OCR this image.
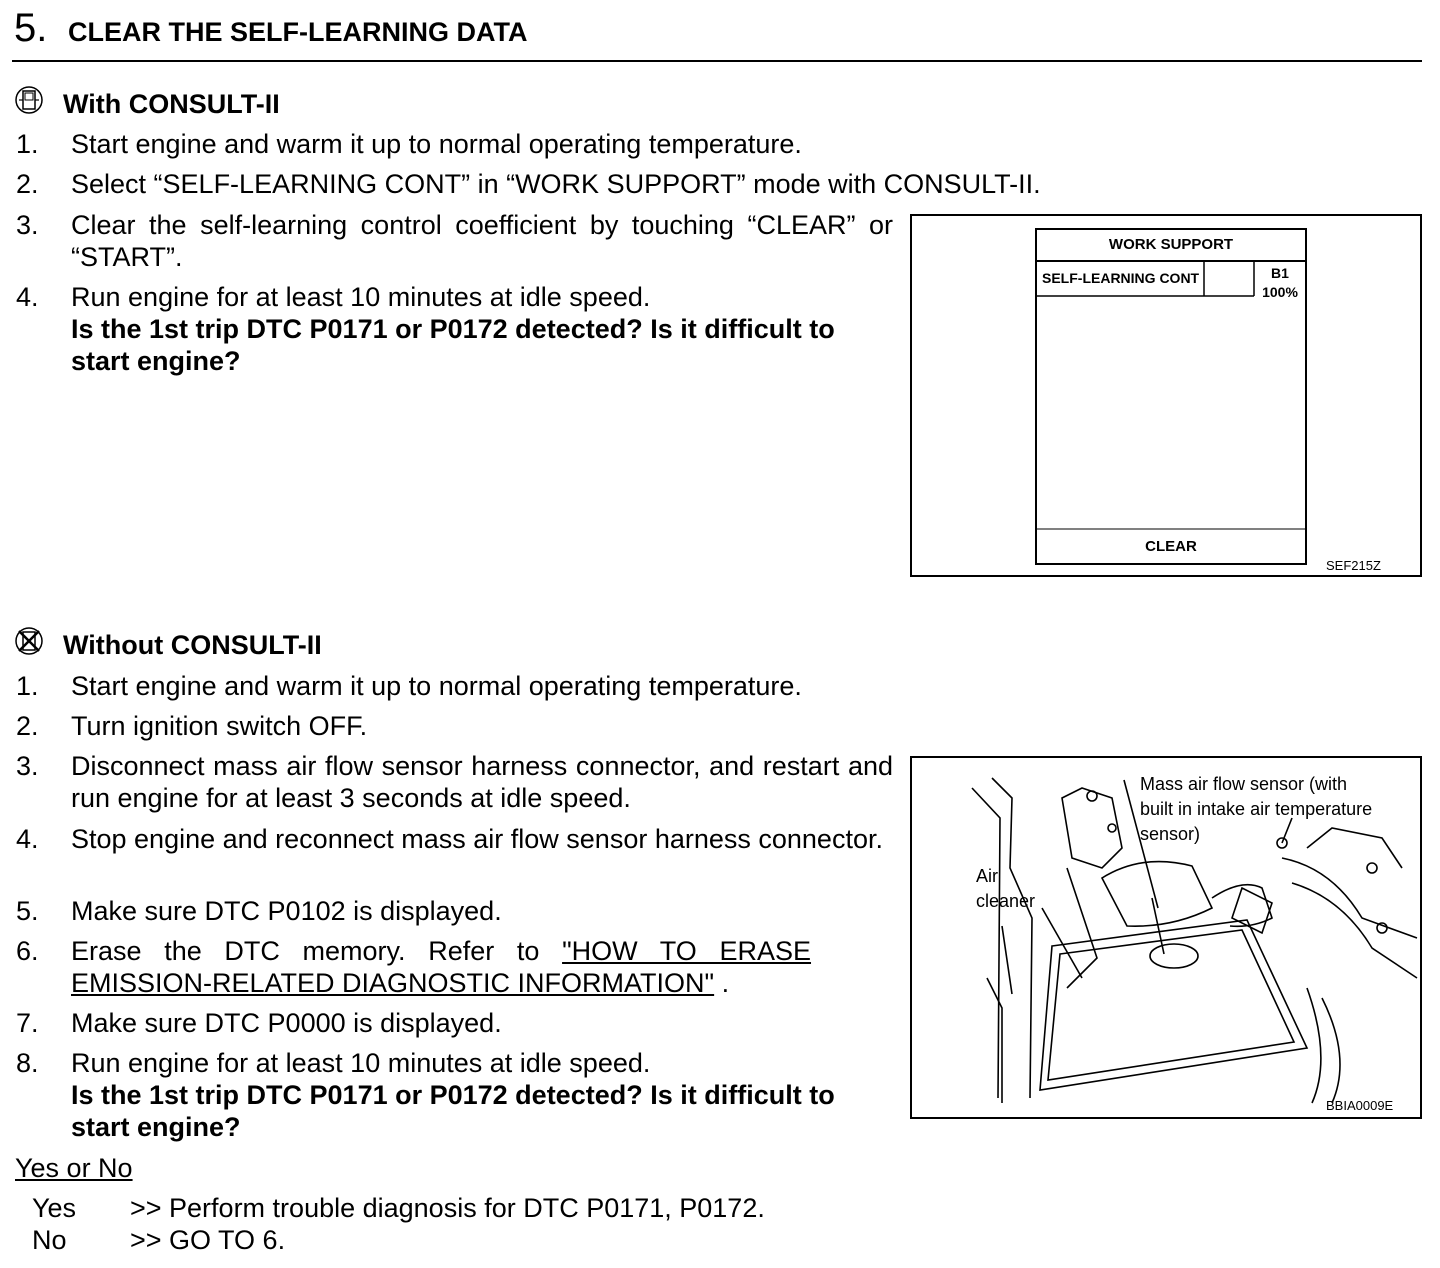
5. CLEAR THE SELF-LEARNING DATA
With CONSULT-II
1.	Start engine and warm it up to normal operating temperature.
2.	Select “SELF-LEARNING CONT” in “WORK SUPPORT” mode with CONSULT-II.
3.	Clear the self-learning control coefficient by touching “CLEAR” or “START”.
4.	Run engine for at least 10 minutes at idle speed.
Is the 1st trip DTC P0171 or P0172 detected? Is it difficult to start engine?
WORK SUPPORT
SELF-LEARNING CONT	B1
100%
CLEAR
SEF215Z
Without CONSULT-II
1.	Start engine and warm it up to normal operating temperature.
2.	Turn ignition switch OFF.
3.	Disconnect mass air flow sensor harness connector, and restart and run engine for at least 3 seconds at idle speed.
4.	Stop engine and reconnect mass air flow sensor harness connector.
5.	Make sure DTC P0102 is displayed.
6.	Erase the DTC memory. Refer to "HOW TO ERASE EMISSION-RELATED DIAGNOSTIC INFORMATION" .
7.	Make sure DTC P0000 is displayed.
8.	Run engine for at least 10 minutes at idle speed.
Is the 1st trip DTC P0171 or P0172 detected? Is it difficult to start engine?
Mass air flow sensor (with
built in intake air temperature
sensor)
Air
cleaner
BBIA0009E
Yes or No
Yes	>> Perform trouble diagnosis for DTC P0171, P0172.
No	>> GO TO 6.
